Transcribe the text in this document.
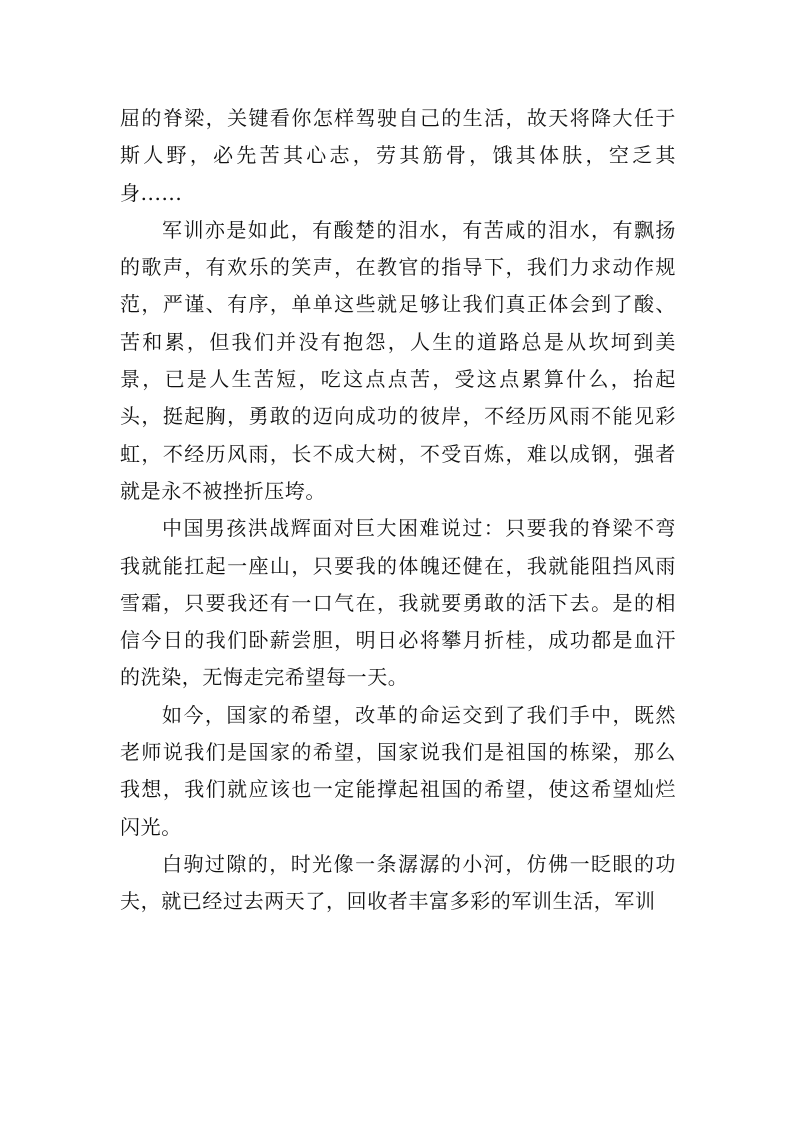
屈的脊梁，关键看你怎样驾驶自己的生活，故天将降大任于斯人野，必先苦其心志，劳其筋骨，饿其体肤，空乏其身......

军训亦是如此，有酸楚的泪水，有苦咸的泪水，有飘扬的歌声，有欢乐的笑声，在教官的指导下，我们力求动作规范，严谨、有序，单单这些就足够让我们真正体会到了酸、苦和累，但我们并没有抱怨，人生的道路总是从坎坷到美景，已是人生苦短，吃这点点苦，受这点累算什么，抬起头，挺起胸，勇敢的迈向成功的彼岸，不经历风雨不能见彩虹，不经历风雨，长不成大树，不受百炼，难以成钢，强者就是永不被挫折压垮。

中国男孩洪战辉面对巨大困难说过：只要我的脊梁不弯我就能扛起一座山，只要我的体魄还健在，我就能阻挡风雨雪霜，只要我还有一口气在，我就要勇敢的活下去。是的相信今日的我们卧薪尝胆，明日必将攀月折桂，成功都是血汗的洗染，无悔走完希望每一天。

如今，国家的希望，改革的命运交到了我们手中，既然老师说我们是国家的希望，国家说我们是祖国的栋梁，那么我想，我们就应该也一定能撑起祖国的希望，使这希望灿烂闪光。

白驹过隙的，时光像一条潺潺的小河，仿佛一眨眼的功夫，就已经过去两天了，回收者丰富多彩的军训生活，军训
